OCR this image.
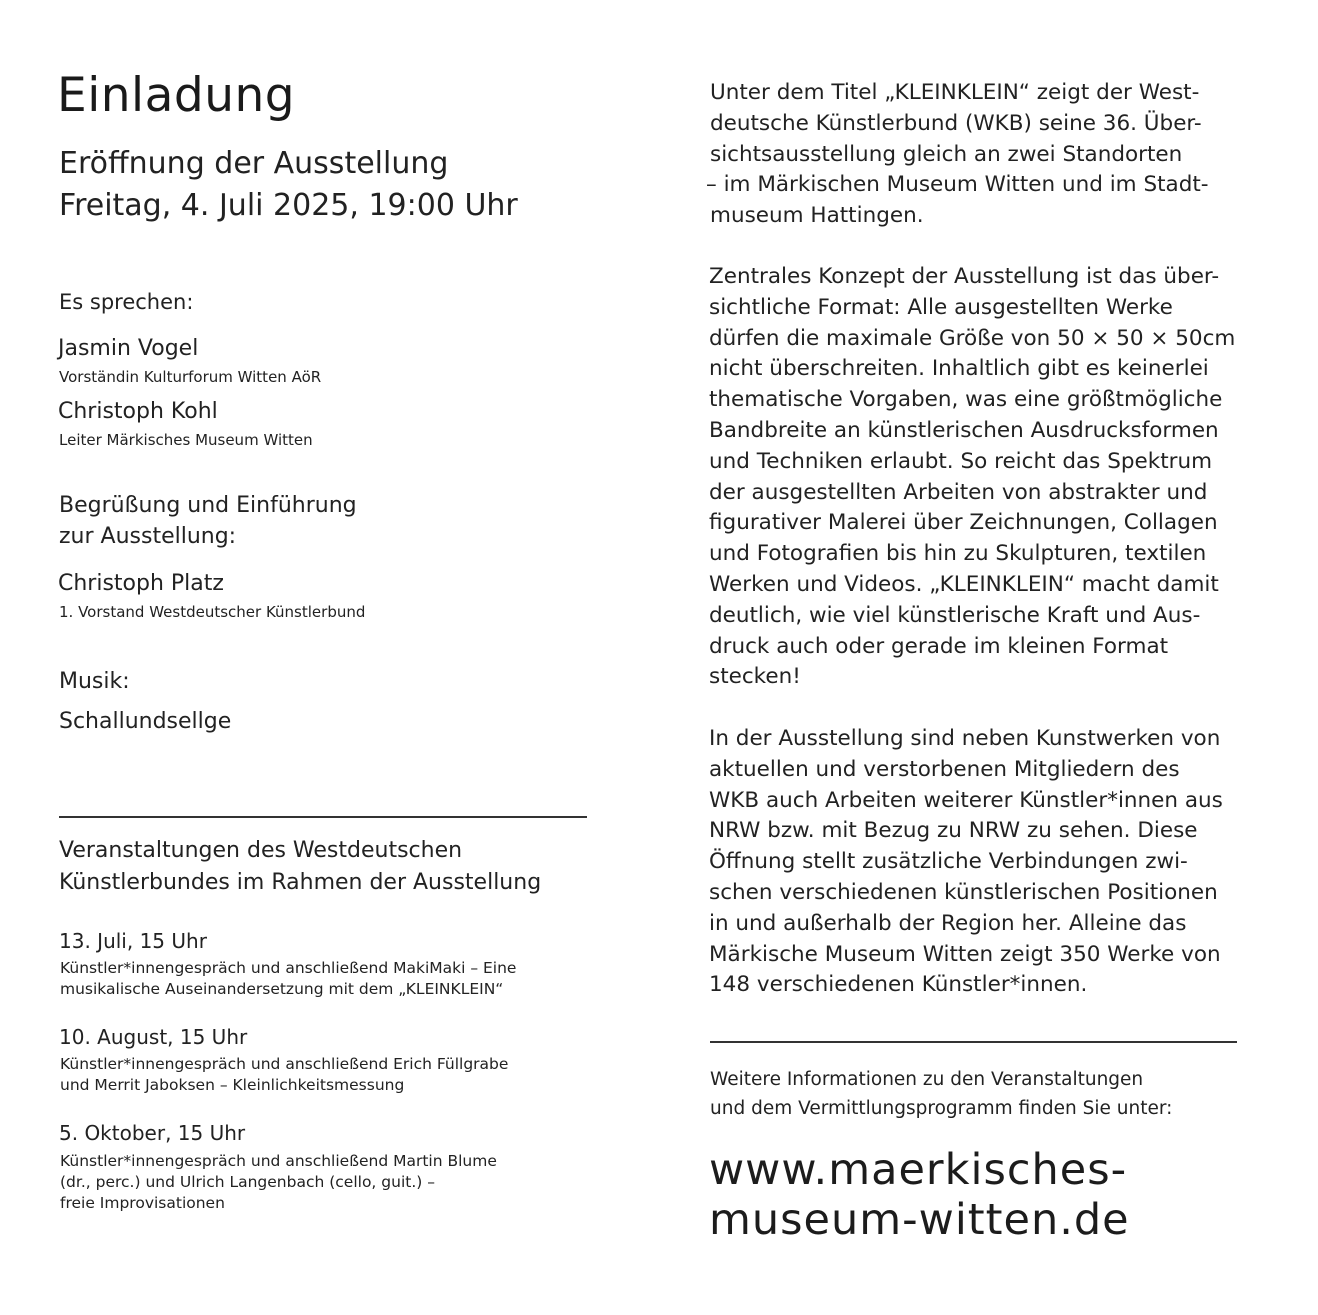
Einladung
Eröffnung der Ausstellung
Freitag, 4. Juli 2025, 19:00 Uhr
Es sprechen:
Jasmin Vogel
Vorständin Kulturforum Witten AöR
Christoph Kohl
Leiter Märkisches Museum Witten
Begrüßung und Einführung
zur Ausstellung:
Christoph Platz
1. Vorstand Westdeutscher Künstlerbund
Musik:
Schallundsellge
Veranstaltungen des Westdeutschen
Künstlerbundes im Rahmen der Ausstellung
13. Juli, 15 Uhr
Künstler*innengespräch und anschließend MakiMaki – Eine
musikalische Auseinandersetzung mit dem „KLEINKLEIN“
10. August, 15 Uhr
Künstler*innengespräch und anschließend Erich Füllgrabe
und Merrit Jaboksen – Kleinlichkeitsmessung
5. Oktober, 15 Uhr
Künstler*innengespräch und anschließend Martin Blume
(dr., perc.) und Ulrich Langenbach (cello, guit.) –
freie Improvisationen
Unter dem Titel „KLEINKLEIN“ zeigt der West-
deutsche Künstlerbund (WKB) seine 36. Über-
sichtsausstellung gleich an zwei Standorten
– im Märkischen Museum Witten und im Stadt-
museum Hattingen.
Zentrales Konzept der Ausstellung ist das über-
sichtliche Format: Alle ausgestellten Werke
dürfen die maximale Größe von 50 × 50 × 50cm
nicht überschreiten. Inhaltlich gibt es keinerlei
thematische Vorgaben, was eine größtmögliche
Bandbreite an künstlerischen Ausdrucksformen
und Techniken erlaubt. So reicht das Spektrum
der ausgestellten Arbeiten von abstrakter und
figurativer Malerei über Zeichnungen, Collagen
und Fotografien bis hin zu Skulpturen, textilen
Werken und Videos. „KLEINKLEIN“ macht damit
deutlich, wie viel künstlerische Kraft und Aus-
druck auch oder gerade im kleinen Format
stecken!
In der Ausstellung sind neben Kunstwerken von
aktuellen und verstorbenen Mitgliedern des
WKB auch Arbeiten weiterer Künstler*innen aus
NRW bzw. mit Bezug zu NRW zu sehen. Diese
Öffnung stellt zusätzliche Verbindungen zwi-
schen verschiedenen künstlerischen Positionen
in und außerhalb der Region her. Alleine das
Märkische Museum Witten zeigt 350 Werke von
148 verschiedenen Künstler*innen.
Weitere Informationen zu den Veranstaltungen
und dem Vermittlungsprogramm finden Sie unter:
www.maerkisches-
museum-witten.de
